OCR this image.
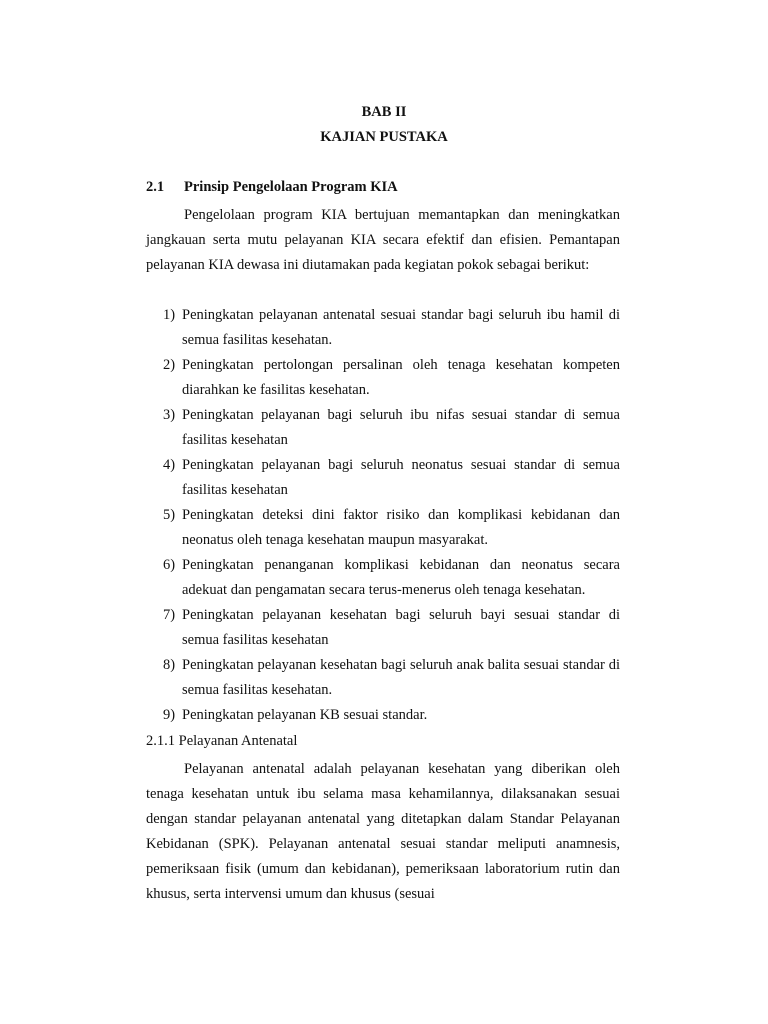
BAB II
KAJIAN PUSTAKA
2.1 Prinsip Pengelolaan Program KIA

Pengelolaan program KIA bertujuan memantapkan dan meningkatkan jangkauan serta mutu pelayanan KIA secara efektif dan efisien. Pemantapan pelayanan KIA dewasa ini diutamakan pada kegiatan pokok sebagai berikut:

1) Peningkatan pelayanan antenatal sesuai standar bagi seluruh ibu hamil di semua fasilitas kesehatan.
2) Peningkatan pertolongan persalinan oleh tenaga kesehatan kompeten diarahkan ke fasilitas kesehatan.
3) Peningkatan pelayanan bagi seluruh ibu nifas sesuai standar di semua fasilitas kesehatan
4) Peningkatan pelayanan bagi seluruh neonatus sesuai standar di semua fasilitas kesehatan
5) Peningkatan deteksi dini faktor risiko dan komplikasi kebidanan dan neonatus oleh tenaga kesehatan maupun masyarakat.
6) Peningkatan penanganan komplikasi kebidanan dan neonatus secara adekuat dan pengamatan secara terus-menerus oleh tenaga kesehatan.
7) Peningkatan pelayanan kesehatan bagi seluruh bayi sesuai standar di semua fasilitas kesehatan
8) Peningkatan pelayanan kesehatan bagi seluruh anak balita sesuai standar di semua fasilitas kesehatan.
9) Peningkatan pelayanan KB sesuai standar.
2.1.1 Pelayanan Antenatal

Pelayanan antenatal adalah pelayanan kesehatan yang diberikan oleh tenaga kesehatan untuk ibu selama masa kehamilannya, dilaksanakan sesuai dengan standar pelayanan antenatal yang ditetapkan dalam Standar Pelayanan Kebidanan (SPK). Pelayanan antenatal sesuai standar meliputi anamnesis, pemeriksaan fisik (umum dan kebidanan), pemeriksaan laboratorium rutin dan khusus, serta intervensi umum dan khusus (sesuai
